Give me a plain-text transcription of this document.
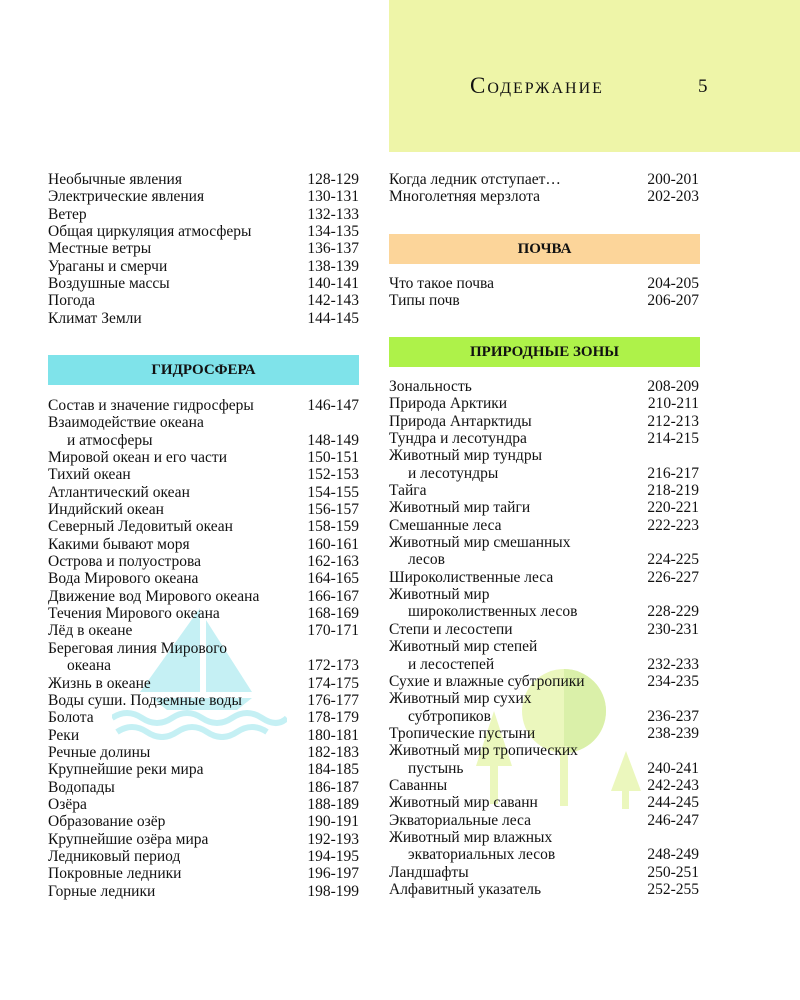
Содержание	5
Необычные явления	128-129
Электрические явления	130-131
Ветер	132-133
Общая циркуляция атмосферы	134-135
Местные ветры	136-137
Ураганы и смерчи	138-139
Воздушные массы	140-141
Погода	142-143
Климат Земли	144-145
ГИДРОСФЕРА
Состав и значение гидросферы	146-147
Взаимодействие океана
и атмосферы	148-149
Мировой океан и его части	150-151
Тихий океан	152-153
Атлантический океан	154-155
Индийский океан	156-157
Северный Ледовитый океан	158-159
Какими бывают моря	160-161
Острова и полуострова	162-163
Вода Мирового океана	164-165
Движение вод Мирового океана	166-167
Течения Мирового океана	168-169
Лёд в океане	170-171
Береговая линия Мирового
океана	172-173
Жизнь в океане	174-175
Воды суши. Подземные воды	176-177
Болота	178-179
Реки	180-181
Речные долины	182-183
Крупнейшие реки мира	184-185
Водопады	186-187
Озёра	188-189
Образование озёр	190-191
Крупнейшие озёра мира	192-193
Ледниковый период	194-195
Покровные ледники	196-197
Горные ледники	198-199
Когда ледник отступает…	200-201
Многолетняя мерзлота	202-203
ПОЧВА
Что такое почва	204-205
Типы почв	206-207
ПРИРОДНЫЕ ЗОНЫ
Зональность	208-209
Природа Арктики	210-211
Природа Антарктиды	212-213
Тундра и лесотундра	214-215
Животный мир тундры
и лесотундры	216-217
Тайга	218-219
Животный мир тайги	220-221
Смешанные леса	222-223
Животный мир смешанных
лесов	224-225
Широколиственные леса	226-227
Животный мир
широколиственных лесов	228-229
Степи и лесостепи	230-231
Животный мир степей
и лесостепей	232-233
Сухие и влажные субтропики	234-235
Животный мир сухих
субтропиков	236-237
Тропические пустыни	238-239
Животный мир тропических
пустынь	240-241
Саванны	242-243
Животный мир саванн	244-245
Экваториальные леса	246-247
Животный мир влажных
экваториальных лесов	248-249
Ландшафты	250-251
Алфавитный указатель	252-255
